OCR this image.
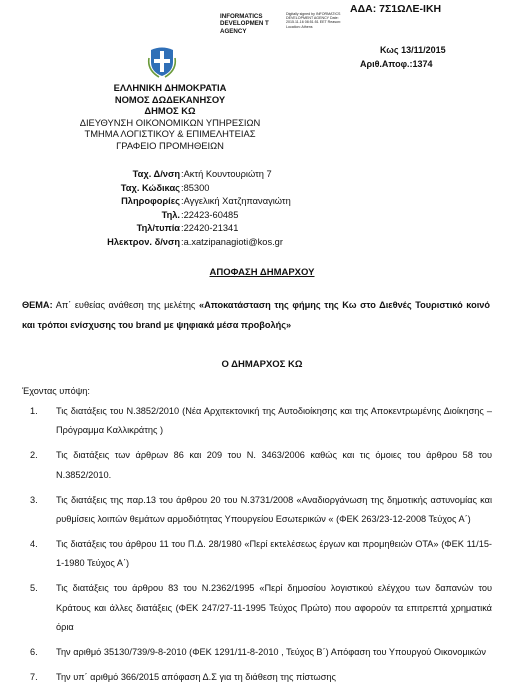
ΑΔΑ: 7Σ1ΩΛΕ-ΙΚΗ
INFORMATICS DEVELOPMEN T AGENCY
Digitally signed by INFORMATICS DEVELOPMENT AGENCY Date: 2015.11.16 08:51:51 EET Reason: Location: Athens
Κως 13/11/2015
Αριθ.Αποφ.:1374
ΕΛΛΗΝΙΚΗ ΔΗΜΟΚΡΑΤΙΑ
ΝΟΜΟΣ ΔΩΔΕΚΑΝΗΣΟΥ
ΔΗΜΟΣ ΚΩ
ΔΙΕΥΘΥΝΣΗ ΟΙΚΟΝΟΜΙΚΩΝ ΥΠΗΡΕΣΙΩΝ
ΤΜΗΜΑ ΛΟΓΙΣΤΙΚΟΥ & ΕΠΙΜΕΛΗΤΕΙΑΣ
ΓΡΑΦΕΙΟ ΠΡΟΜΗΘΕΙΩΝ
Ταχ. Δ/νση :Ακτή Κουντουριώτη 7
Ταχ. Κώδικας :85300
Πληροφορίες :Αγγελική Χατζηπαναγιώτη
Τηλ. :22423-60485
Τηλ/τυπία :22420-21341
Ηλεκτρον. δ/νση :a.xatzipanagioti@kos.gr
ΑΠΟΦΑΣΗ ΔΗΜΑΡΧΟΥ
ΘΕΜΑ: Απ΄ ευθείας ανάθεση της μελέτης «Αποκατάσταση της φήμης της Κω στο Διεθνές Τουριστικό κοινό και τρόποι ενίσχυσης του brand με ψηφιακά μέσα προβολής»
Ο ΔΗΜΑΡΧΟΣ ΚΩ
Έχοντας υπόψη:
1. Τις διατάξεις του Ν.3852/2010 (Νέα Αρχιτεκτονική της Αυτοδιοίκησης και της Αποκεντρωμένης Διοίκησης –Πρόγραμμα Καλλικράτης )
2. Τις διατάξεις των άρθρων 86 και 209 του Ν. 3463/2006 καθώς και τις όμοιες του άρθρου 58 του Ν.3852/2010.
3. Τις διατάξεις της παρ.13 του άρθρου 20 του Ν.3731/2008 «Αναδιοργάνωση της δημοτικής αστυνομίας και ρυθμίσεις λοιπών θεμάτων αρμοδιότητας Υπουργείου Εσωτερικών « (ΦΕΚ 263/23-12-2008 Τεύχος Α΄)
4. Τις διατάξεις του άρθρου 11 του Π.Δ. 28/1980 «Περί εκτελέσεως έργων και προμηθειών ΟΤΑ» (ΦΕΚ 11/15-1-1980 Τεύχος Α΄)
5. Τις διατάξεις του άρθρου 83 του Ν.2362/1995 «Περί δημοσίου λογιστικού ελέγχου των δαπανών του Κράτους και άλλες διατάξεις (ΦΕΚ 247/27-11-1995 Τεύχος Πρώτο) που αφορούν τα επιτρεπτά χρηματικά όρια
6. Την αριθμό 35130/739/9-8-2010 (ΦΕΚ 1291/11-8-2010 , Τεύχος Β΄) Απόφαση του Υπουργού Οικονομικών
7. Την υπ΄ αριθμό 366/2015 απόφαση Δ.Σ για τη διάθεση της πίστωσης
